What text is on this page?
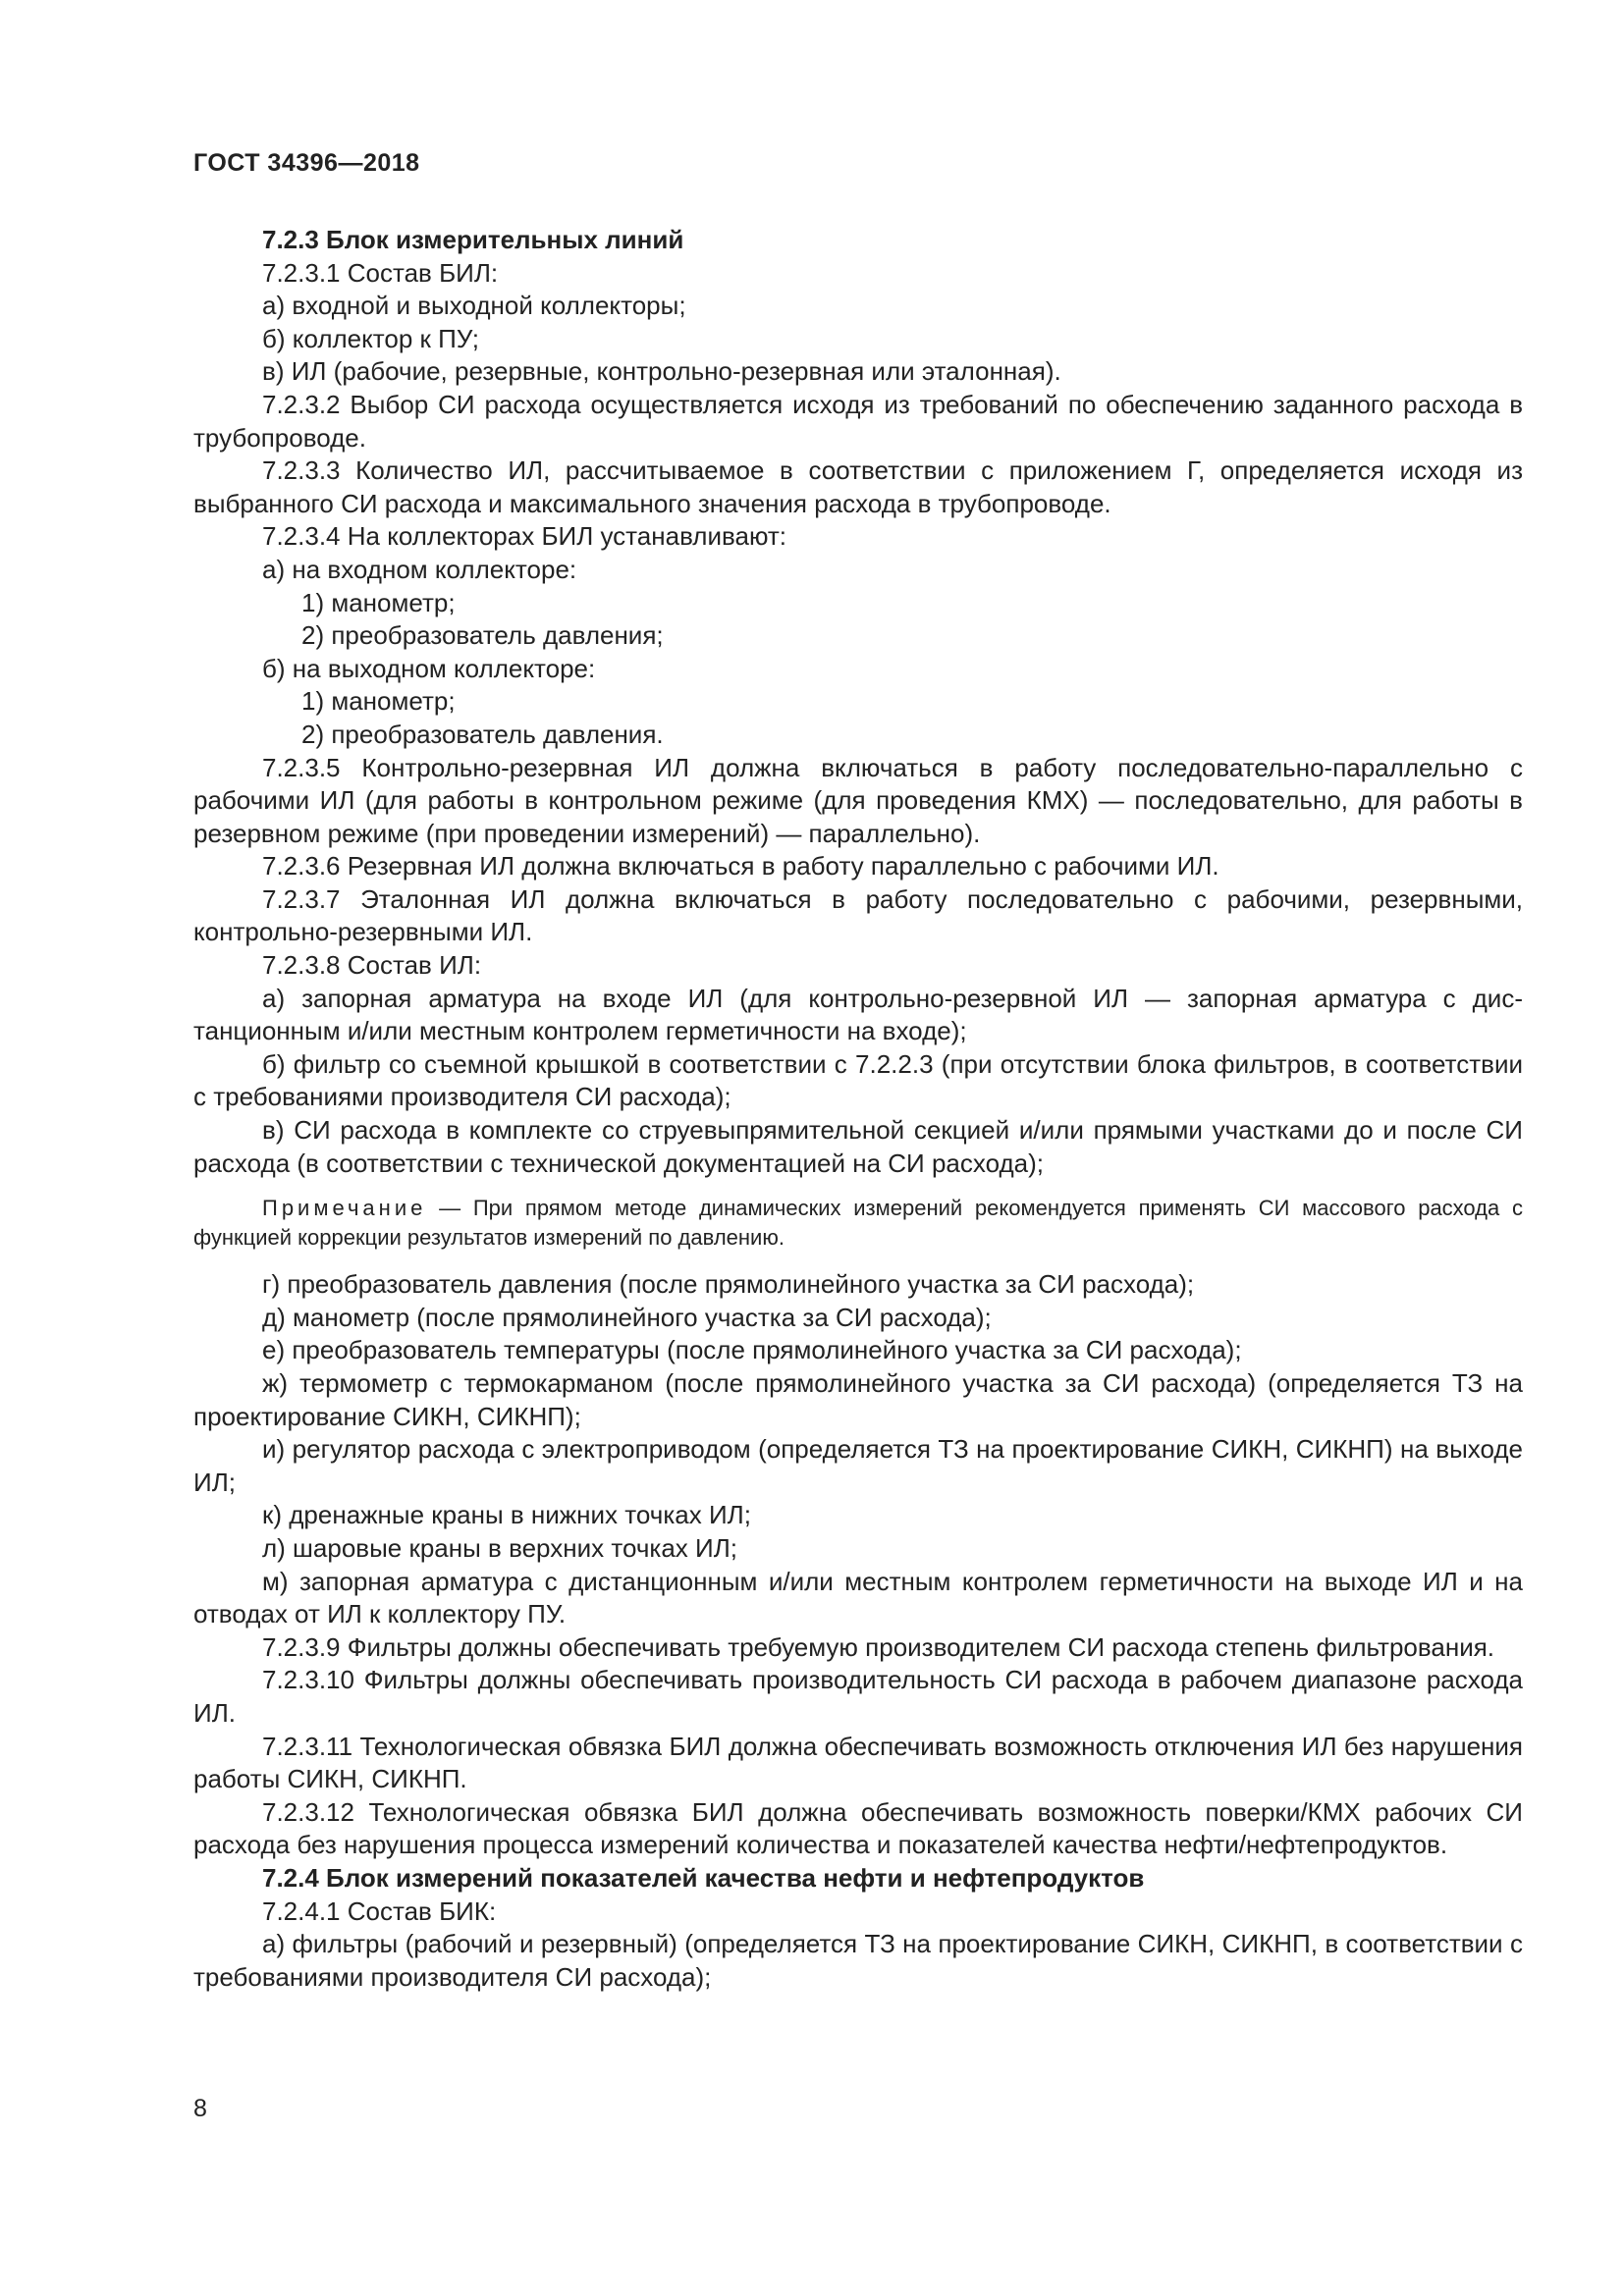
ГОСТ 34396—2018

7.2.3 Блок измерительных линий

7.2.3.1 Состав БИЛ:

а) входной и выходной коллекторы;

б) коллектор к ПУ;

в) ИЛ (рабочие, резервные, контрольно-резервная или эталонная).

7.2.3.2 Выбор СИ расхода осуществляется исходя из требований по обеспечению заданного расхода в трубопроводе.

7.2.3.3 Количество ИЛ, рассчитываемое в соответствии с приложением Г, определяется исходя из выбранного СИ расхода и максимального значения расхода в трубопроводе.

7.2.3.4 На коллекторах БИЛ устанавливают:

а) на входном коллекторе:

1) манометр;

2) преобразователь давления;

б) на выходном коллекторе:

1) манометр;

2) преобразователь давления.

7.2.3.5 Контрольно-резервная ИЛ должна включаться в работу последовательно-параллельно с рабочими ИЛ (для работы в контрольном режиме (для проведения КМХ) — последовательно, для работы в резервном режиме (при проведении измерений) — параллельно).

7.2.3.6 Резервная ИЛ должна включаться в работу параллельно с рабочими ИЛ.

7.2.3.7 Эталонная ИЛ должна включаться в работу последовательно с рабочими, резервными, контрольно-резервными ИЛ.

7.2.3.8 Состав ИЛ:

а) запорная арматура на входе ИЛ (для контрольно-резервной ИЛ — запорная арматура с дистанционным и/или местным контролем герметичности на входе);

б) фильтр со съемной крышкой в соответствии с 7.2.2.3 (при отсутствии блока фильтров, в соответствии с требованиями производителя СИ расхода);

в) СИ расхода в комплекте со струевыпрямительной секцией и/или прямыми участками до и после СИ расхода (в соответствии с технической документацией на СИ расхода);

Примечание — При прямом методе динамических измерений рекомендуется применять СИ массового расхода с функцией коррекции результатов измерений по давлению.

г) преобразователь давления (после прямолинейного участка за СИ расхода);

д) манометр (после прямолинейного участка за СИ расхода);

е) преобразователь температуры (после прямолинейного участка за СИ расхода);

ж) термометр с термокарманом (после прямолинейного участка за СИ расхода) (определяется ТЗ на проектирование СИКН, СИКНП);

и) регулятор расхода с электроприводом (определяется ТЗ на проектирование СИКН, СИКНП) на выходе ИЛ;

к) дренажные краны в нижних точках ИЛ;

л) шаровые краны в верхних точках ИЛ;

м) запорная арматура с дистанционным и/или местным контролем герметичности на выходе ИЛ и на отводах от ИЛ к коллектору ПУ.

7.2.3.9 Фильтры должны обеспечивать требуемую производителем СИ расхода степень фильтрования.

7.2.3.10 Фильтры должны обеспечивать производительность СИ расхода в рабочем диапазоне расхода ИЛ.

7.2.3.11 Технологическая обвязка БИЛ должна обеспечивать возможность отключения ИЛ без нарушения работы СИКН, СИКНП.

7.2.3.12 Технологическая обвязка БИЛ должна обеспечивать возможность поверки/КМХ рабочих СИ расхода без нарушения процесса измерений количества и показателей качества нефти/нефтепродуктов.

7.2.4 Блок измерений показателей качества нефти и нефтепродуктов

7.2.4.1 Состав БИК:

а) фильтры (рабочий и резервный) (определяется ТЗ на проектирование СИКН, СИКНП, в соответствии с требованиями производителя СИ расхода);

8
